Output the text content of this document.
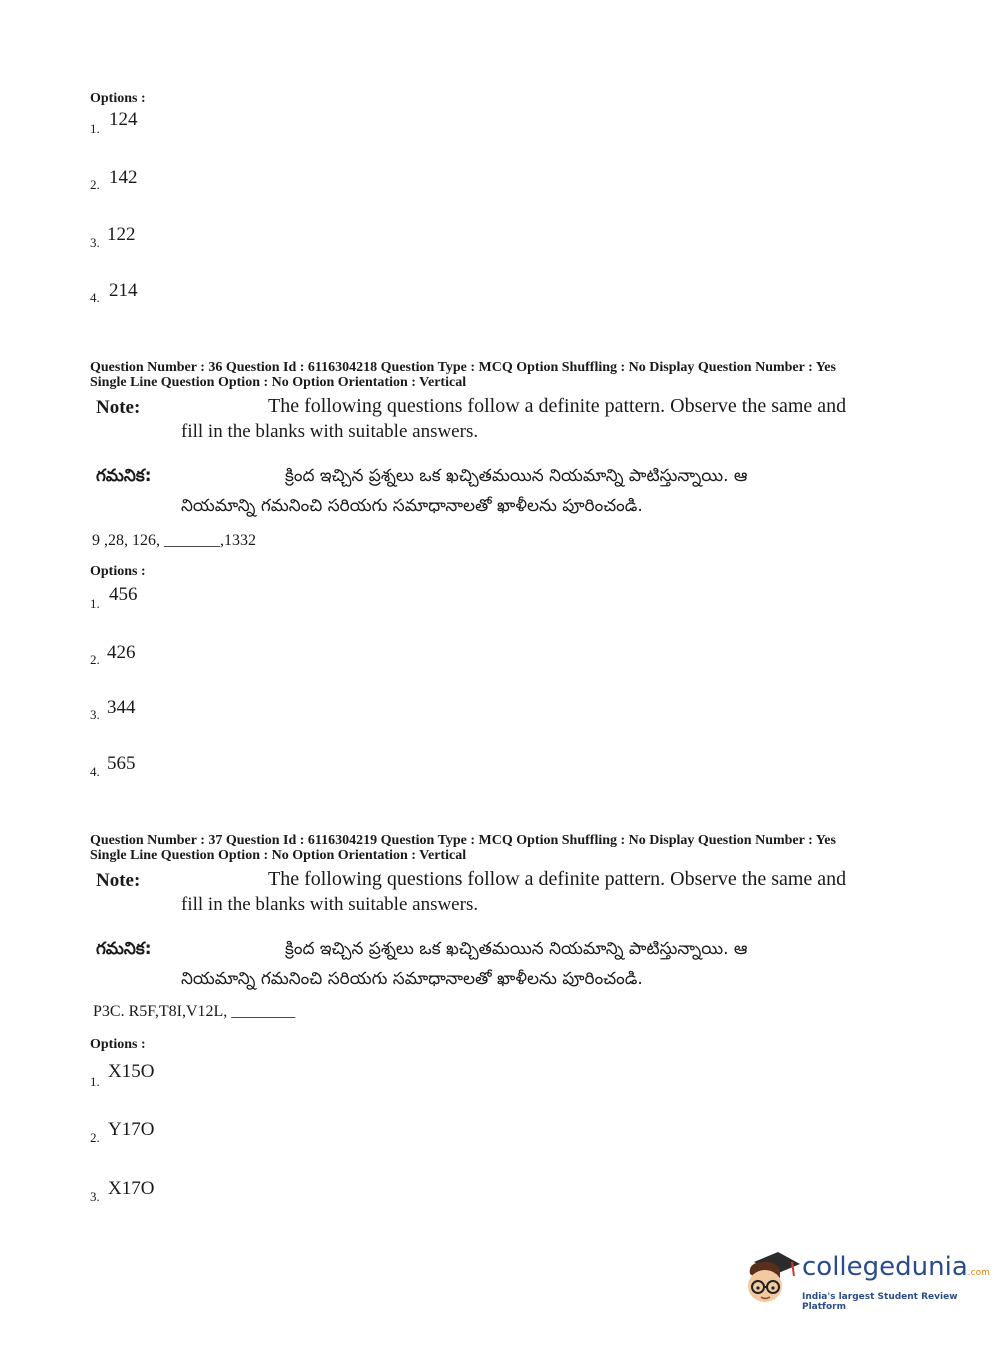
Options :
1. 124
2. 142
3. 122
4. 214
Question Number : 36 Question Id : 6116304218 Question Type : MCQ Option Shuffling : No Display Question Number : Yes
Single Line Question Option : No Option Orientation : Vertical
Note:	The following questions follow a definite pattern. Observe the same and
fill in the blanks with suitable answers.
గమనిక:	క్రింద ఇచ్చిన ప్రశ్నలు ఒక ఖచ్చితమయిన నియమాన్ని పాటిస్తున్నాయి. ఆ
నియమాన్ని గమనించి సరియగు సమాధానాలతో ఖాళీలను పూరించండి.
9 ,28, 126, _______,1332
Options :
1. 456
2. 426
3. 344
4. 565
Question Number : 37 Question Id : 6116304219 Question Type : MCQ Option Shuffling : No Display Question Number : Yes
Single Line Question Option : No Option Orientation : Vertical
Note:	The following questions follow a definite pattern. Observe the same and
fill in the blanks with suitable answers.
గమనిక:	క్రింద ఇచ్చిన ప్రశ్నలు ఒక ఖచ్చితమయిన నియమాన్ని పాటిస్తున్నాయి. ఆ
నియమాన్ని గమనించి సరియగు సమాధానాలతో ఖాళీలను పూరించండి.
P3C. R5F,T8I,V12L, ________
Options :
1. X15O
2. Y17O
3. X17O
collegedunia.com
India's largest Student Review Platform
